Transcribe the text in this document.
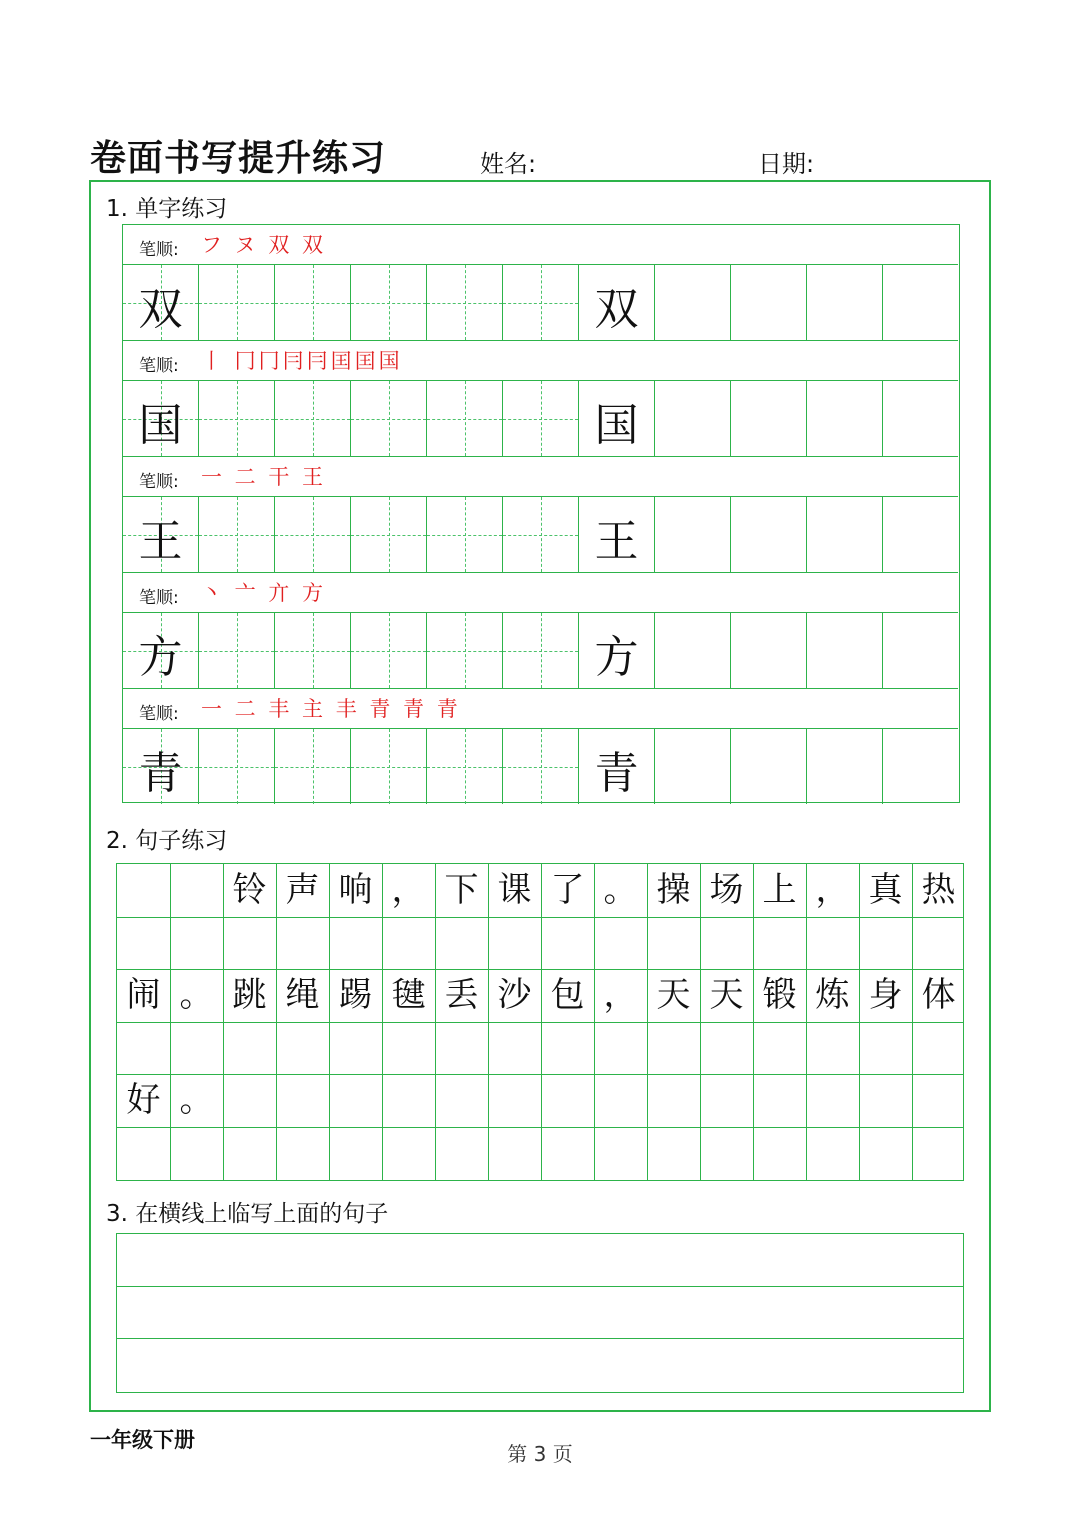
卷面书写提升练习	姓名:	日期:
1. 单字练习
笔顺: フ ヌ 双 双
双	双
笔顺: 丨 冂冂冃冃囯囯国
国	国
笔顺: 一 二 干 王
王	王
笔顺: 丶 亠 亣 方
方	方
笔顺: 一 二 丰 主 丰 青 青 青
青	青
2. 句子练习
铃 声 响 ， 下 课 了 。 操 场 上 ， 真 热
闹 。 跳 绳 踢 毽 丢 沙 包 ， 天 天 锻 炼 身 体
好 。
3. 在横线上临写上面的句子
一年级下册
第 3 页
